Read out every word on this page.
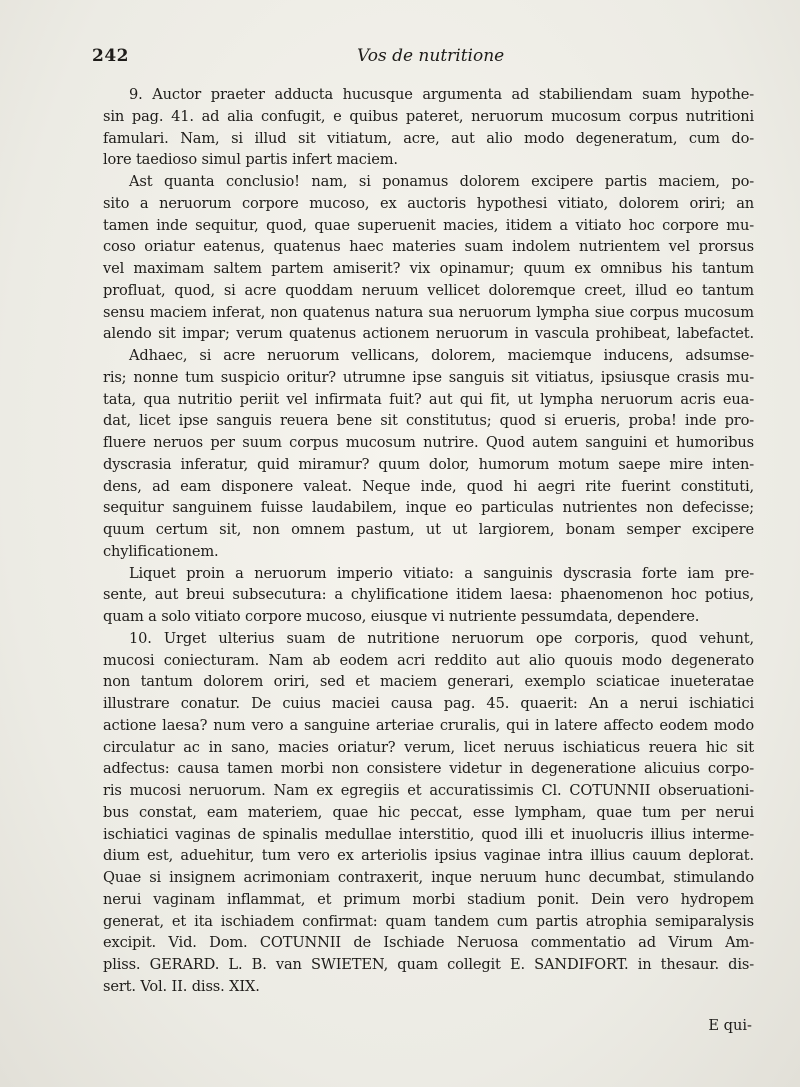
242	Vos de nutritione
9. Auctor praeter adducta hucusque argumenta ad stabiliendam suam hypothe-
sin pag. 41. ad alia confugit, e quibus pateret, neruorum mucosum corpus nutritioni
famulari. Nam, si illud sit vitiatum, acre, aut alio modo degeneratum, cum do-
lore taedioso simul partis infert maciem.
Ast quanta conclusio! nam, si ponamus dolorem excipere partis maciem, po-
sito a neruorum corpore mucoso, ex auctoris hypothesi vitiato, dolorem oriri; an
tamen inde sequitur, quod, quae superuenit macies, itidem a vitiato hoc corpore mu-
coso oriatur eatenus, quatenus haec materies suam indolem nutrientem vel prorsus
vel maximam saltem partem amiserit? vix opinamur; quum ex omnibus his tantum
profluat, quod, si acre quoddam neruum vellicet doloremque creet, illud eo tantum
sensu maciem inferat, non quatenus natura sua neruorum lympha siue corpus mucosum
alendo sit impar; verum quatenus actionem neruorum in vascula prohibeat, labefactet.
Adhaec, si acre neruorum vellicans, dolorem, maciemque inducens, adsumse-
ris; nonne tum suspicio oritur? utrumne ipse sanguis sit vitiatus, ipsiusque crasis mu-
tata, qua nutritio periit vel infirmata fuit? aut qui fit, ut lympha neruorum acris eua-
dat, licet ipse sanguis reuera bene sit constitutus; quod si erueris, proba! inde pro-
fluere neruos per suum corpus mucosum nutrire. Quod autem sanguini et humoribus
dyscrasia inferatur, quid miramur? quum dolor, humorum motum saepe mire inten-
dens, ad eam disponere valeat. Neque inde, quod hi aegri rite fuerint constituti,
sequitur sanguinem fuisse laudabilem, inque eo particulas nutrientes non defecisse;
quum certum sit, non omnem pastum, ut ut largiorem, bonam semper excipere
chylificationem.
Liquet proin a neruorum imperio vitiato: a sanguinis dyscrasia forte iam pre-
sente, aut breui subsecutura: a chylificatione itidem laesa: phaenomenon hoc potius,
quam a solo vitiato corpore mucoso, eiusque vi nutriente pessumdata, dependere.
10. Urget ulterius suam de nutritione neruorum ope corporis, quod vehunt,
mucosi coniecturam. Nam ab eodem acri reddito aut alio quouis modo degenerato
non tantum dolorem oriri, sed et maciem generari, exemplo sciaticae inueteratae
illustrare conatur. De cuius maciei causa pag. 45. quaerit: An a nerui ischiatici
actione laesa? num vero a sanguine arteriae cruralis, qui in latere affecto eodem modo
circulatur ac in sano, macies oriatur? verum, licet neruus ischiaticus reuera hic sit
adfectus: causa tamen morbi non consistere videtur in degeneratione alicuius corpo-
ris mucosi neruorum. Nam ex egregiis et accuratissimis Cl. COTUNNII obseruationi-
bus constat, eam materiem, quae hic peccat, esse lympham, quae tum per nerui
ischiatici vaginas de spinalis medullae interstitio, quod illi et inuolucris illius interme-
dium est, aduehitur, tum vero ex arteriolis ipsius vaginae intra illius cauum deplorat.
Quae si insignem acrimoniam contraxerit, inque neruum hunc decumbat, stimulando
nerui vaginam inflammat, et primum morbi stadium ponit. Dein vero hydropem
generat, et ita ischiadem confirmat: quam tandem cum partis atrophia semiparalysis
excipit. Vid. Dom. COTUNNII de Ischiade Neruosa commentatio ad Virum Am-
pliss. GERARD. L. B. van SWIETEN, quam collegit E. SANDIFORT. in thesaur. dis-
sert. Vol. II. diss. XIX.
E qui-
